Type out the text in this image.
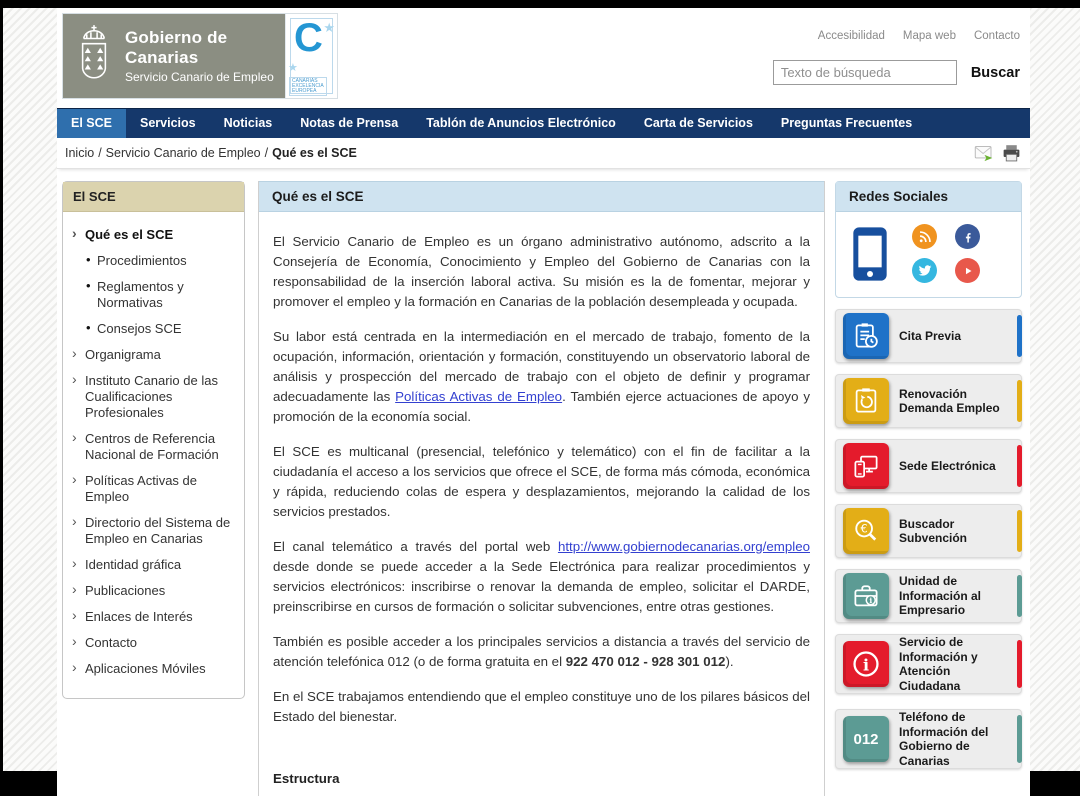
Gobierno de Canarias
Servicio Canario de Empleo
C ★
★
CANARIAS
EXCELENCIA
EUROPEA
Accesibilidad Mapa web Contacto
Texto de búsqueda
Buscar
El SCE	Servicios	Noticias	Notas de Prensa	Tablón de Anuncios Electrónico	Carta de Servicios	Preguntas Frecuentes
Inicio / Servicio Canario de Empleo / Qué es el SCE
El SCE
› Qué es el SCE
• Procedimientos
• Reglamentos y Normativas
• Consejos SCE
› Organigrama
› Instituto Canario de las Cualificaciones Profesionales
› Centros de Referencia Nacional de Formación
› Políticas Activas de Empleo
› Directorio del Sistema de Empleo en Canarias
› Identidad gráfica
› Publicaciones
› Enlaces de Interés
› Contacto
› Aplicaciones Móviles
Qué es el SCE

El Servicio Canario de Empleo es un órgano administrativo autónomo, adscrito a la Consejería de Economía, Conocimiento y Empleo del Gobierno de Canarias con la responsabilidad de la inserción laboral activa. Su misión es la de fomentar, mejorar y promover el empleo y la formación en Canarias de la población desempleada y ocupada.

Su labor está centrada en la intermediación en el mercado de trabajo, fomento de la ocupación, información, orientación y formación, constituyendo un observatorio laboral de análisis y prospección del mercado de trabajo con el objeto de definir y programar adecuadamente las Políticas Activas de Empleo. También ejerce actuaciones de apoyo y promoción de la economía social.

El SCE es multicanal (presencial, telefónico y telemático) con el fin de facilitar a la ciudadanía el acceso a los servicios que ofrece el SCE, de forma más cómoda, económica y rápida, reduciendo colas de espera y desplazamientos, mejorando la calidad de los servicios prestados.

El canal telemático a través del portal web http://www.gobiernodecanarias.org/empleo desde donde se puede acceder a la Sede Electrónica para realizar procedimientos y servicios electrónicos: inscribirse o renovar la demanda de empleo, solicitar el DARDE, preinscribirse en cursos de formación o solicitar subvenciones, entre otras gestiones.

También es posible acceder a los principales servicios a distancia a través del servicio de atención telefónica 012 (o de forma gratuita en el 922 470 012 - 928 301 012).

En el SCE trabajamos entendiendo que el empleo constituye uno de los pilares básicos del Estado del bienestar.

Estructura
Redes Sociales
Cita Previa
Renovación Demanda Empleo
Sede Electrónica
€	Buscador Subvención
i
Unidad de Información al Empresario
i
Servicio de Información y Atención Ciudadana
012
Teléfono de Información del Gobierno de Canarias
